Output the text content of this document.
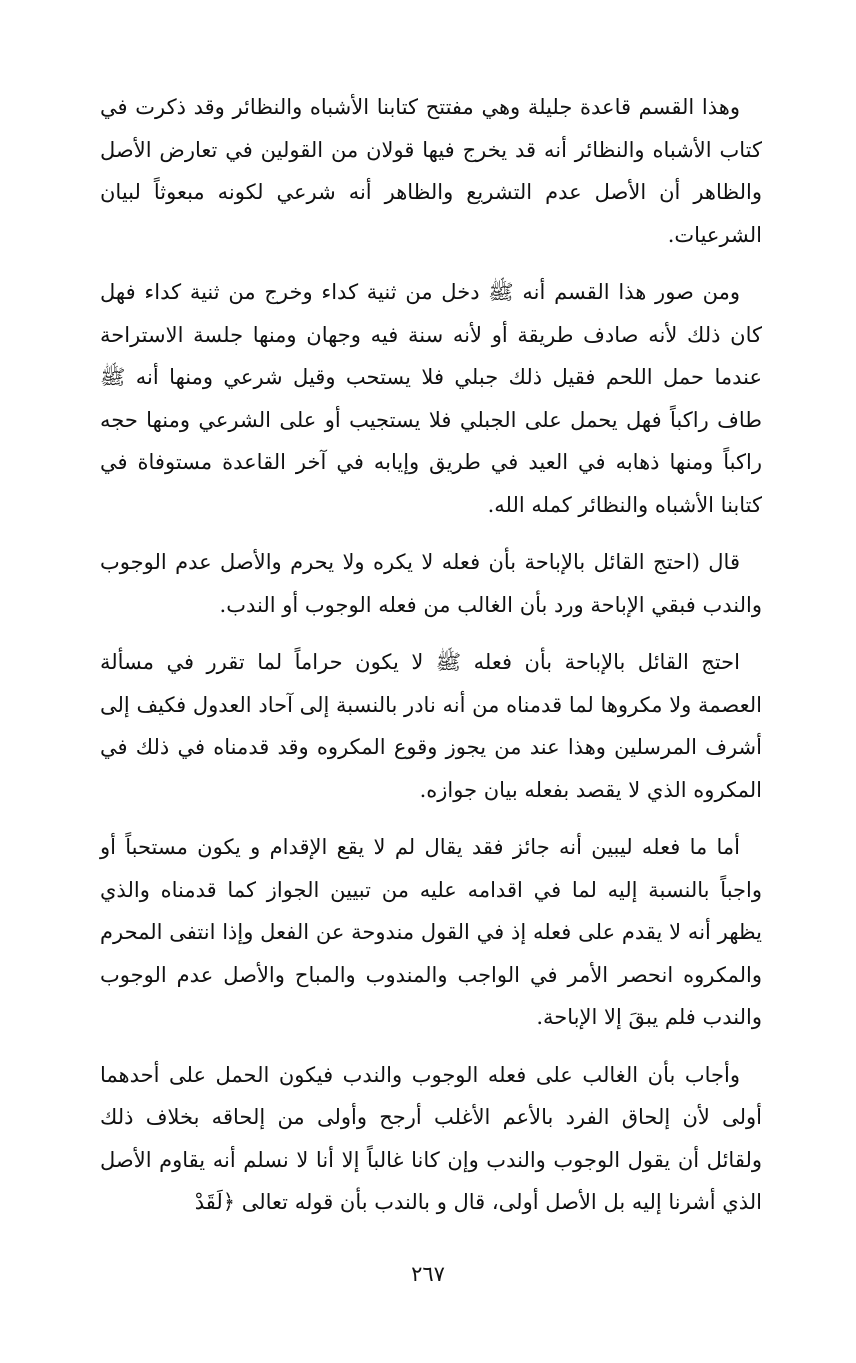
وهذا القسم قاعدة جليلة وهي مفتتح كتابنا الأشباه والنظائر وقد ذكرت في كتاب الأشباه والنظائر أنه قد يخرج فيها قولان من القولين في تعارض الأصل والظاهر أن الأصل عدم التشريع والظاهر أنه شرعي لكونه مبعوثاً لبيان الشرعيات.

ومن صور هذا القسم أنه ﷺ دخل من ثنية كداء وخرج من ثنية كداء فهل كان ذلك لأنه صادف طريقة أو لأنه سنة فيه وجهان ومنها جلسة الاستراحة عندما حمل اللحم فقيل ذلك جبلي فلا يستحب وقيل شرعي ومنها أنه ﷺ طاف راكباً فهل يحمل على الجبلي فلا يستجيب أو على الشرعي ومنها حجه راكباً ومنها ذهابه في العيد في طريق وإيابه في آخر القاعدة مستوفاة في كتابنا الأشباه والنظائر كمله الله.

قال (احتج القائل بالإباحة بأن فعله لا يكره ولا يحرم والأصل عدم الوجوب والندب فبقي الإباحة ورد بأن الغالب من فعله الوجوب أو الندب.

احتج القائل بالإباحة بأن فعله ﷺ لا يكون حراماً لما تقرر في مسألة العصمة ولا مكروها لما قدمناه من أنه نادر بالنسبة إلى آحاد العدول فكيف إلى أشرف المرسلين وهذا عند من يجوز وقوع المكروه وقد قدمناه في ذلك في المكروه الذي لا يقصد بفعله بيان جوازه.

أما ما فعله ليبين أنه جائز فقد يقال لم لا يقع الإقدام و يكون مستحباً أو واجباً بالنسبة إليه لما في اقدامه عليه من تبيين الجواز كما قدمناه والذي يظهر أنه لا يقدم على فعله إذ في القول مندوحة عن الفعل وإذا انتفى المحرم والمكروه انحصر الأمر في الواجب والمندوب والمباح والأصل عدم الوجوب والندب فلم يبقَ إلا الإباحة.

وأجاب بأن الغالب على فعله الوجوب والندب فيكون الحمل على أحدهما أولى لأن إلحاق الفرد بالأعم الأغلب أرجح وأولى من إلحاقه بخلاف ذلك ولقائل أن يقول الوجوب والندب وإن كانا غالباً إلا أنا لا نسلم أنه يقاوم الأصل الذي أشرنا إليه بل الأصل أولى، قال و بالندب بأن قوله تعالى ﴿لَقَدْ

٢٦٧
